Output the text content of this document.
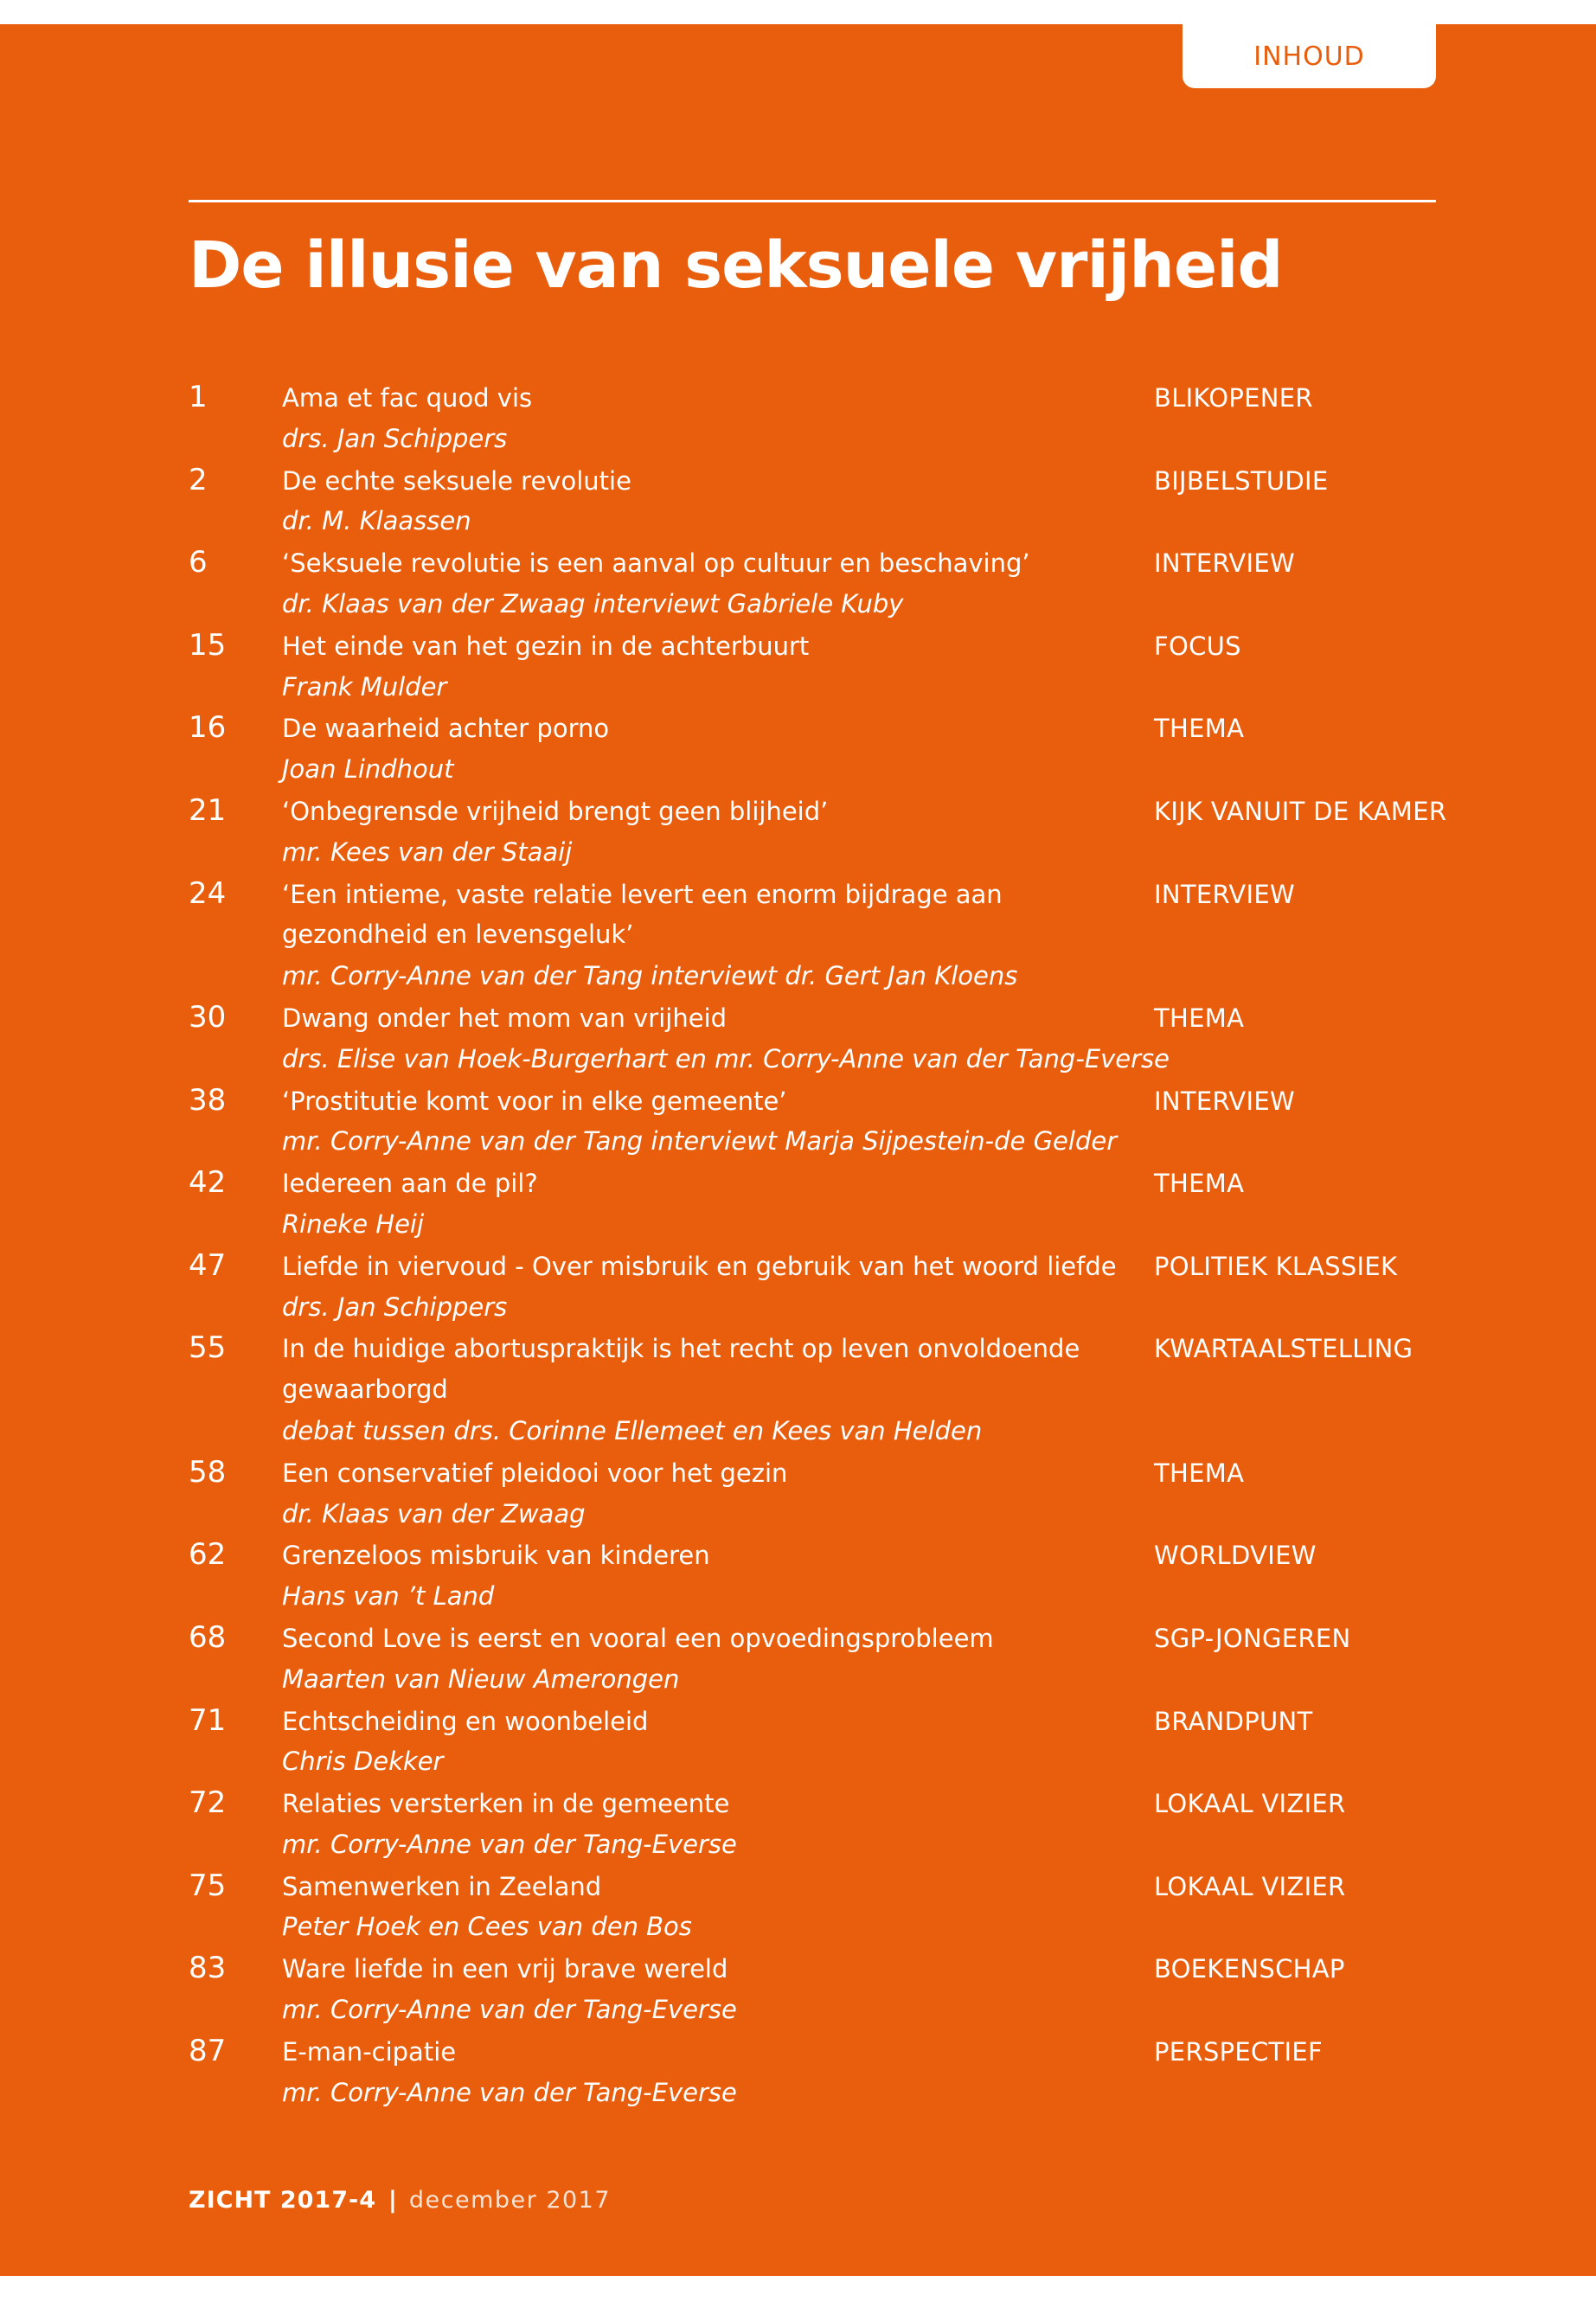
INHOUD
De illusie van seksuele vrijheid
1	Ama et fac quod vis	BLIKOPENER
drs. Jan Schippers
2	De echte seksuele revolutie	BIJBELSTUDIE
dr. M. Klaassen
6	‘Seksuele revolutie is een aanval op cultuur en beschaving’	INTERVIEW
dr. Klaas van der Zwaag interviewt Gabriele Kuby
15	Het einde van het gezin in de achterbuurt	FOCUS
Frank Mulder
16	De waarheid achter porno	THEMA
Joan Lindhout
21	‘Onbegrensde vrijheid brengt geen blijheid’	KIJK VANUIT DE KAMER
mr. Kees van der Staaij
24	‘Een intieme, vaste relatie levert een enorm bijdrage aan	INTERVIEW
gezondheid en levensgeluk’
mr. Corry-Anne van der Tang interviewt dr. Gert Jan Kloens
30	Dwang onder het mom van vrijheid	THEMA
drs. Elise van Hoek-Burgerhart en mr. Corry-Anne van der Tang-Everse
38	‘Prostitutie komt voor in elke gemeente’	INTERVIEW
mr. Corry-Anne van der Tang interviewt Marja Sijpestein-de Gelder
42	Iedereen aan de pil?	THEMA
Rineke Heij
47	Liefde in viervoud - Over misbruik en gebruik van het woord liefde	POLITIEK KLASSIEK
drs. Jan Schippers
55	In de huidige abortuspraktijk is het recht op leven onvoldoende	KWARTAALSTELLING
gewaarborgd
debat tussen drs. Corinne Ellemeet en Kees van Helden
58	Een conservatief pleidooi voor het gezin	THEMA
dr. Klaas van der Zwaag
62	Grenzeloos misbruik van kinderen	WORLDVIEW
Hans van ’t Land
68	Second Love is eerst en vooral een opvoedingsprobleem	SGP-JONGEREN
Maarten van Nieuw Amerongen
71	Echtscheiding en woonbeleid	BRANDPUNT
Chris Dekker
72	Relaties versterken in de gemeente	LOKAAL VIZIER
mr. Corry-Anne van der Tang-Everse
75	Samenwerken in Zeeland	LOKAAL VIZIER
Peter Hoek en Cees van den Bos
83	Ware liefde in een vrij brave wereld	BOEKENSCHAP
mr. Corry-Anne van der Tang-Everse
87	E-man-cipatie	PERSPECTIEF
mr. Corry-Anne van der Tang-Everse
ZICHT 2017-4 | december 2017
